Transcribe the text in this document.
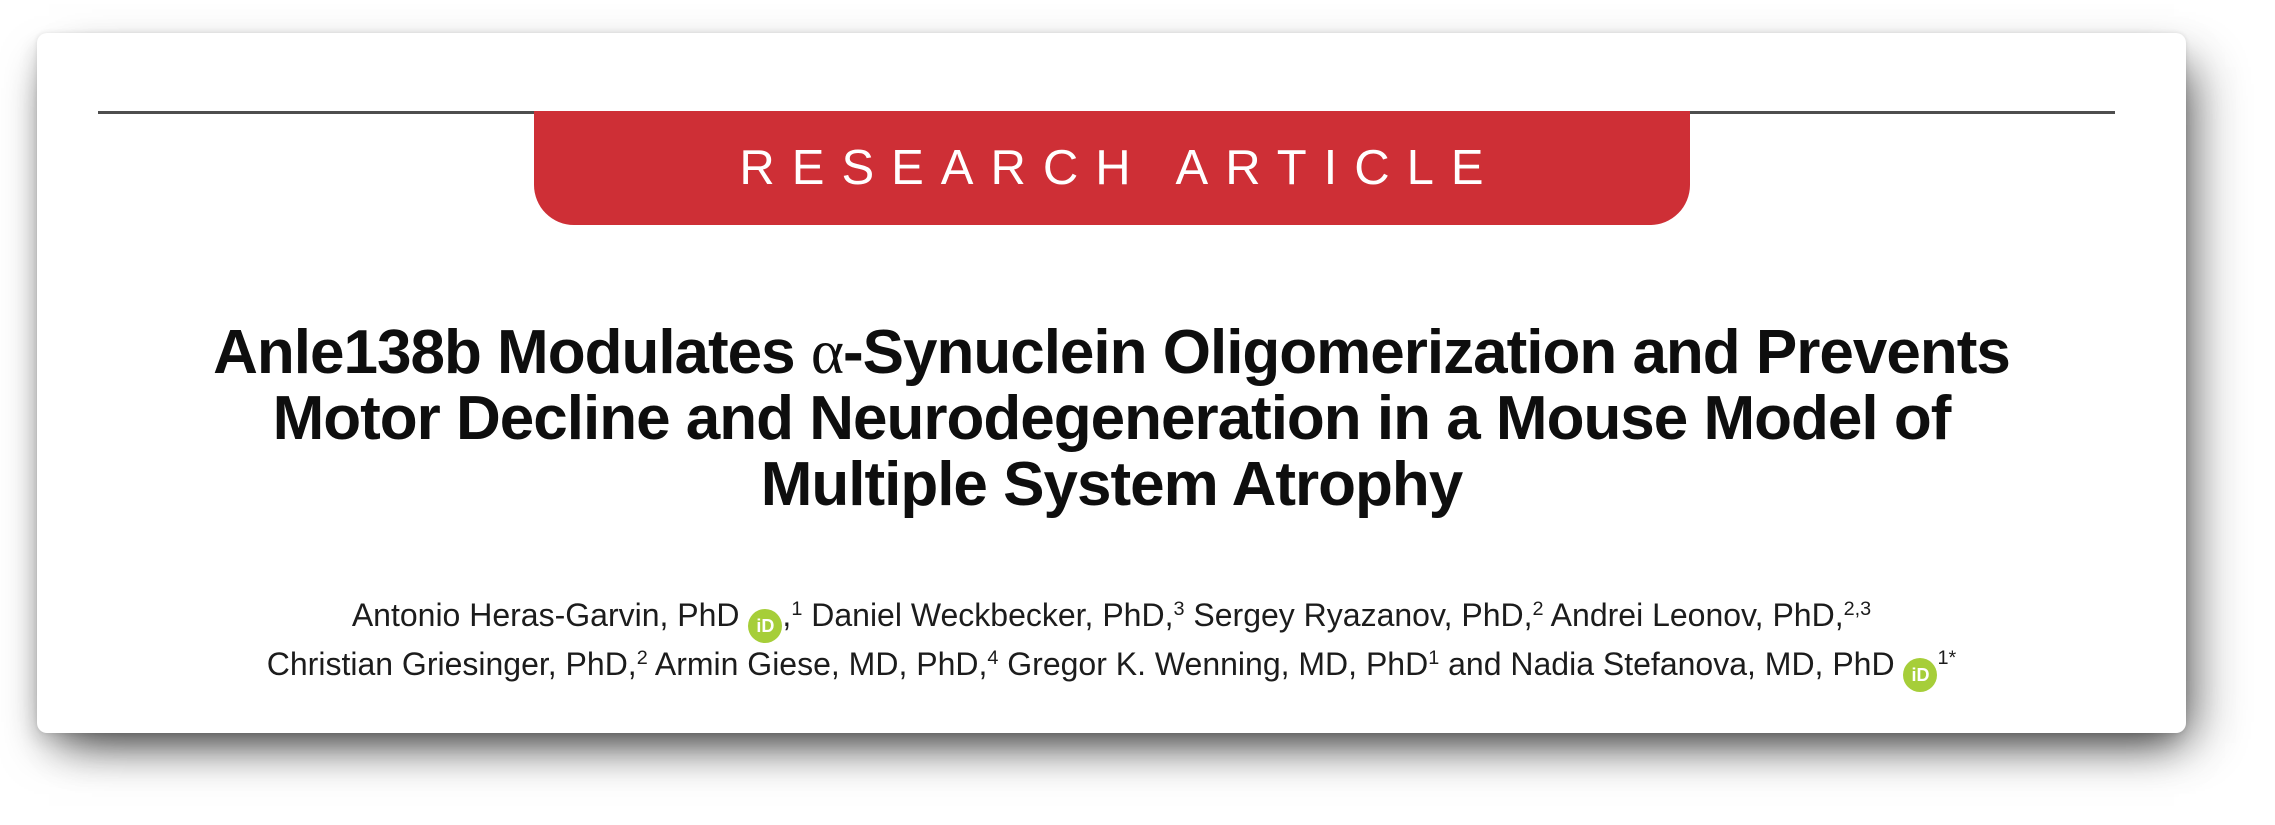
RESEARCH ARTICLE
Anle138b Modulates α-Synuclein Oligomerization and Prevents
Motor Decline and Neurodegeneration in a Mouse Model of
Multiple System Atrophy
Antonio Heras-Garvin, PhD iD ,$^1$ Daniel Weckbecker, PhD,$^3$ Sergey Ryazanov, PhD,$^2$ Andrei Leonov, PhD,$^{2,3}$
Christian Griesinger, PhD,$^2$ Armin Giese, MD, PhD,$^4$ Gregor K. Wenning, MD, PhD$^1$ and Nadia Stefanova, MD, PhD iD$^{1*}$
